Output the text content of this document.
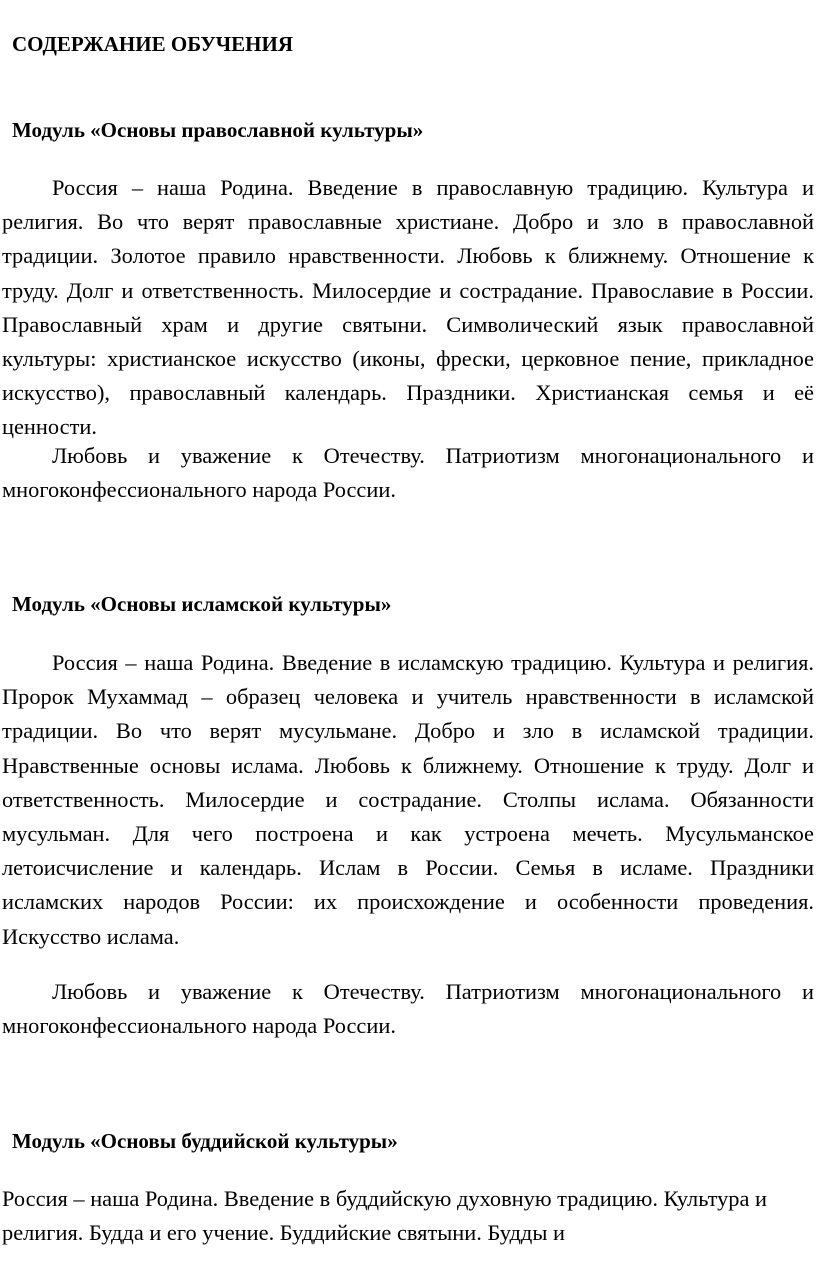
СОДЕРЖАНИЕ ОБУЧЕНИЯ
Модуль «Основы православной культуры»

Россия – наша Родина. Введение в православную традицию. Культура и религия. Во что верят православные христиане. Добро и зло в православной традиции. Золотое правило нравственности. Любовь к ближнему. Отношение к труду. Долг и ответственность. Милосердие и сострадание. Православие в России. Православный храм и другие святыни. Символический язык православной культуры: христианское искусство (иконы, фрески, церковное пение, прикладное искусство), православный календарь. Праздники. Христианская семья и её ценности.

Любовь и уважение к Отечеству. Патриотизм многонационального и многоконфессионального народа России.

Модуль «Основы исламской культуры»

Россия – наша Родина. Введение в исламскую традицию. Культура и религия. Пророк Мухаммад – образец человека и учитель нравственности в исламской традиции. Во что верят мусульмане. Добро и зло в исламской традиции. Нравственные основы ислама. Любовь к ближнему. Отношение к труду. Долг и ответственность. Милосердие и сострадание. Столпы ислама. Обязанности мусульман. Для чего построена и как устроена мечеть. Мусульманское летоисчисление и календарь. Ислам в России. Семья в исламе. Праздники исламских народов России: их происхождение и особенности проведения. Искусство ислама.

Любовь и уважение к Отечеству. Патриотизм многонационального и многоконфессионального народа России.

Модуль «Основы буддийской культуры»

Россия – наша Родина. Введение в буддийскую духовную традицию. Культура и религия. Будда и его учение. Буддийские святыни. Будды и
